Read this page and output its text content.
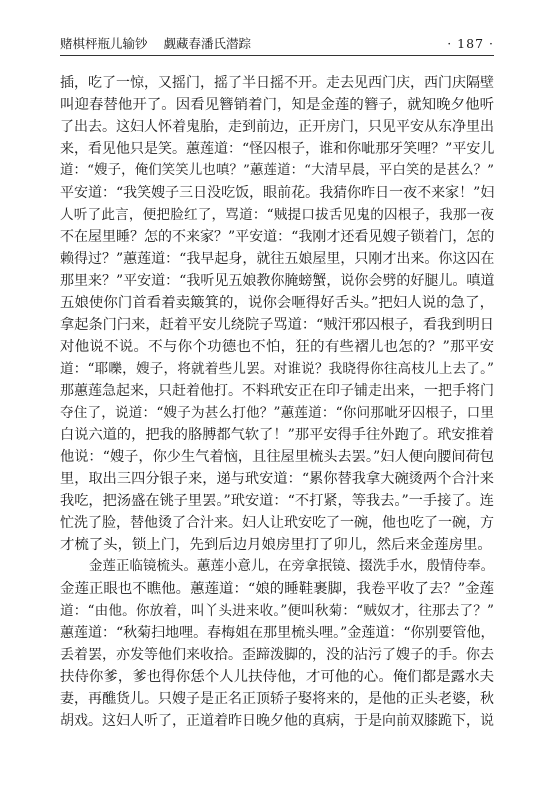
赌棋枰瓶儿输钞 觑藏春潘氏潜踪	· 187 ·
插，吃了一惊，又摇门，摇了半日摇不开。走去见西门庆，西门庆隔壁
叫迎春替他开了。因看见簪销着门，知是金莲的簪子，就知晚夕他听
了出去。这妇人怀着鬼胎，走到前边，正开房门，只见平安从东净里出
来，看见他只是笑。蕙莲道：“怪囚根子，谁和你呲那牙笑哩？”平安儿
道：“嫂子，俺们笑笑儿也嗔？”蕙莲道：“大清早晨，平白笑的是甚么？”
平安道：“我笑嫂子三日没吃饭，眼前花。我猜你昨日一夜不来家！”妇
人听了此言，便把脸红了，骂道：“贼提口拔舌见鬼的囚根子，我那一夜
不在屋里睡？怎的不来家？”平安道：“我刚才还看见嫂子锁着门，怎的
赖得过？”蕙莲道：“我早起身，就往五娘屋里，只刚才出来。你这囚在
那里来？”平安道：“我听见五娘教你腌螃蟹，说你会劈的好腿儿。嗔道
五娘使你门首看着卖簸箕的，说你会咂得好舌头。”把妇人说的急了，
拿起条门闩来，赶着平安儿绕院子骂道：“贼汗邪囚根子，看我到明日
对他说不说。不与你个功德也不怕，狂的有些褶儿也怎的？”那平安
道：“耶嚛，嫂子，将就着些儿罢。对谁说？我晓得你往高枝儿上去了。”
那蕙莲急起来，只赶着他打。不料玳安正在印子铺走出来，一把手将门
夺住了，说道：“嫂子为甚么打他？”蕙莲道：“你问那呲牙囚根子，口里
白说六道的，把我的胳膊都气软了！”那平安得手往外跑了。玳安推着
他说：“嫂子，你少生气着恼，且往屋里梳头去罢。”妇人便向腰间荷包
里，取出三四分银子来，递与玳安道：“累你替我拿大碗烫两个合汁来
我吃，把汤盛在铫子里罢。”玳安道：“不打紧，等我去。”一手接了。连
忙洗了脸，替他烫了合汁来。妇人让玳安吃了一碗，他也吃了一碗，方
才梳了头，锁上门，先到后边月娘房里打了卯儿，然后来金莲房里。
金莲正临镜梳头。蕙莲小意儿，在旁拿抿镜、掇洗手水，殷情侍奉。
金莲正眼也不瞧他。蕙莲道：“娘的睡鞋裹脚，我卷平收了去？”金莲
道：“由他。你放着，叫丫头进来收。”便叫秋菊：“贼奴才，往那去了？”
蕙莲道：“秋菊扫地哩。春梅姐在那里梳头哩。”金莲道：“你别要管他，
丢着罢，亦发等他们来收拾。歪蹄泼脚的，没的沾污了嫂子的手。你去
扶侍你爹，爹也得你恁个人儿扶侍他，才可他的心。俺们都是露水夫
妻，再醮货儿。只嫂子是正名正顶轿子娶将来的，是他的正头老婆，秋
胡戏。这妇人听了，正道着昨日晚夕他的真病，于是向前双膝跪下，说
